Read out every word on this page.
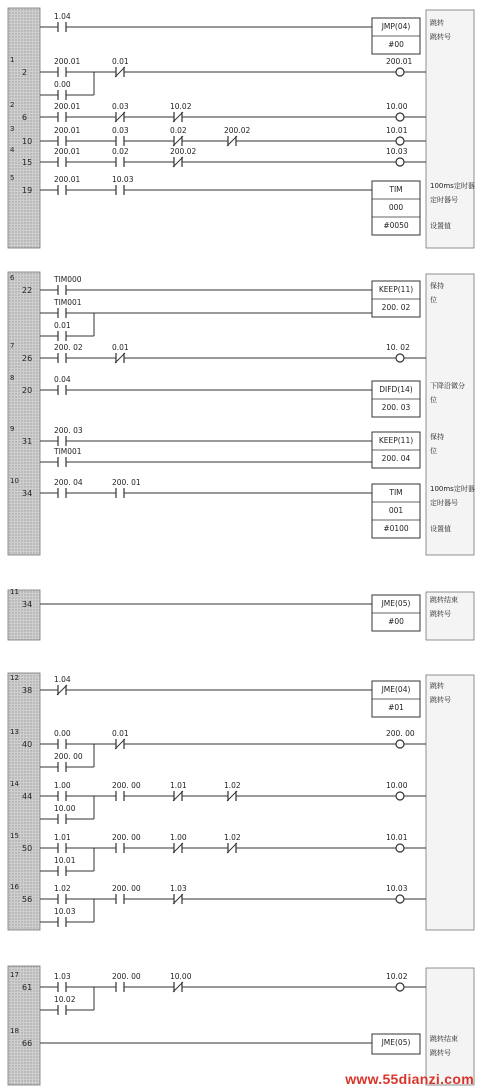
1.04
JMP(04)
#00
跳转
跳转号
1
2
200.01	0.01
0.00
200.01
2
6
200.01	0.03	10.02	10.00
3
10
200.01	0.03	0.02	200.02	10.01
4
15
200.01	0.02	200.02	10.03
5
19
200.01	10.03
TIM
000
#0050
100ms定时器
定时器号
设置值
6
22
TIM000
KEEP(11)
200. 02
保持
位
TIM001
0.01
7
26
200. 02	0.01	10. 02
8
20
0.04
DIFD(14)
200. 03
下降沿微分
位
9
31
200. 03
KEEP(11)
200. 04
保持
位
TIM001
10
34
200. 04	200. 01
TIM
001
#0100
100ms定时器
定时器号
设置值
11
34	JME(05)
#00
跳转结束
跳转号
12
38
1.04
JME(04)
#01
跳转
跳转号
13
40
0.00	0.01
200. 00
200. 00
14
44
1.00	200. 00	1.01	1.02
10.00
10.00
15
50
1.01	200. 00	1.00	1.02
10.01
10.01
16
56
1.02	200. 00	1.03
10.03
10.03
17
61
1.03	200. 00	10.00
10.02
10.02
18
66	JME(05)	跳转结束
跳转号
www.55dianzi.com
